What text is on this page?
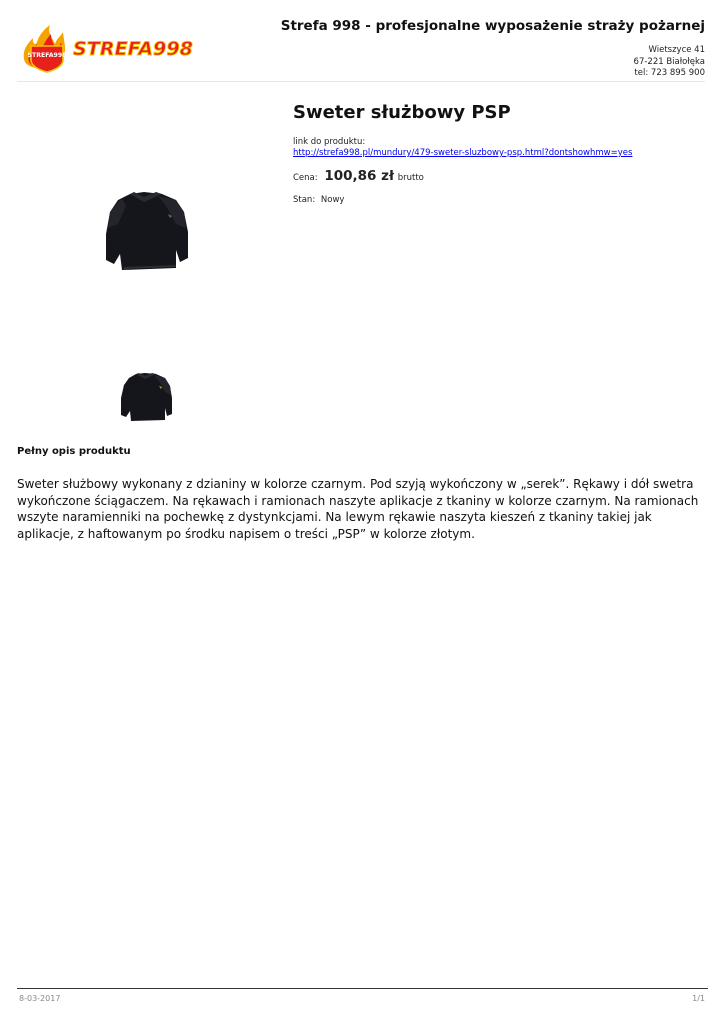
Strefa 998 - profesjonalne wyposażenie straży pożarnej
STREFA998 STREFA998	Wietszyce 41
67-221 Białołęka
tel: 723 895 900
Sweter służbowy PSP
link do produktu:
http://strefa998.pl/mundury/479-sweter-sluzbowy-psp.html?dontshowhmw=yes
Cena: 100,86 zł brutto
Stan: Nowy
Pełny opis produktu
Sweter służbowy wykonany z dzianiny w kolorze czarnym. Pod szyją wykończony w „serek”. Rękawy i dół swetra wykończone ściągaczem. Na rękawach i ramionach naszyte aplikacje z tkaniny w kolorze czarnym. Na ramionach wszyte naramienniki na pochewkę z dystynkcjami. Na lewym rękawie naszyta kieszeń z tkaniny takiej jak aplikacje, z haftowanym po środku napisem o treści „PSP” w kolorze złotym.
8-03-2017	1/1
